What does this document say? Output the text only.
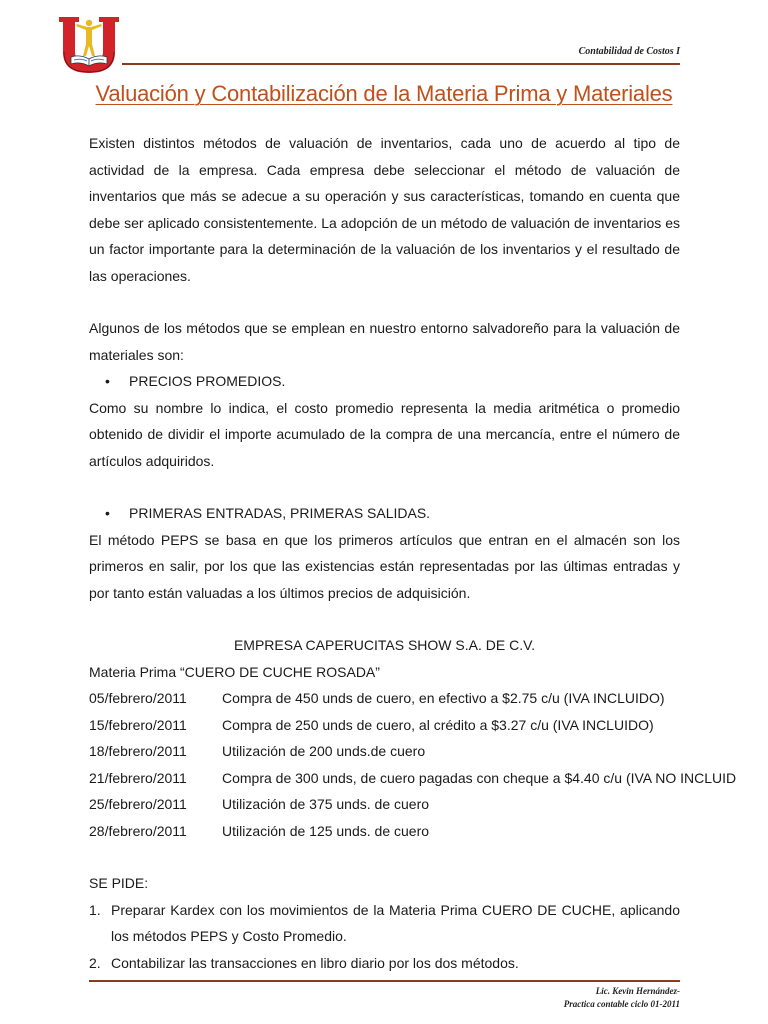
Contabilidad de Costos I
Valuación y Contabilización de la Materia Prima y Materiales

Existen distintos métodos de valuación de inventarios, cada uno de acuerdo al tipo de actividad de la empresa. Cada empresa debe seleccionar el método de valuación de inventarios que más se adecue a su operación y sus características, tomando en cuenta que debe ser aplicado consistentemente. La adopción de un método de valuación de inventarios es un factor importante para la determinación de la valuación de los inventarios y el resultado de las operaciones.

Algunos de los métodos que se emplean en nuestro entorno salvadoreño para la valuación de materiales son:

• PRECIOS PROMEDIOS.

Como su nombre lo indica, el costo promedio representa la media aritmética o promedio obtenido de dividir el importe acumulado de la compra de una mercancía, entre el número de artículos adquiridos.

• PRIMERAS ENTRADAS, PRIMERAS SALIDAS.

El método PEPS se basa en que los primeros artículos que entran en el almacén son los primeros en salir, por los que las existencias están representadas por las últimas entradas y por tanto están valuadas a los últimos precios de adquisición.

EMPRESA CAPERUCITAS SHOW S.A. DE C.V.
Materia Prima “CUERO DE CUCHE ROSADA”
05/febrero/2011	Compra de 450 unds de cuero, en efectivo a $2.75 c/u (IVA INCLUIDO)
15/febrero/2011	Compra de 250 unds de cuero, al crédito a $3.27 c/u (IVA INCLUIDO)
18/febrero/2011	Utilización de 200 unds.de cuero
21/febrero/2011	Compra de 300 unds, de cuero pagadas con cheque a $4.40 c/u (IVA NO INCLUID
25/febrero/2011	Utilización de 375 unds. de cuero
28/febrero/2011	Utilización de 125 unds. de cuero
SE PIDE:
1. Preparar Kardex con los movimientos de la Materia Prima CUERO DE CUCHE, aplicando los métodos PEPS y Costo Promedio.
2. Contabilizar las transacciones en libro diario por los dos métodos.
Lic. Kevin Hernández-
Practica contable ciclo 01-2011
